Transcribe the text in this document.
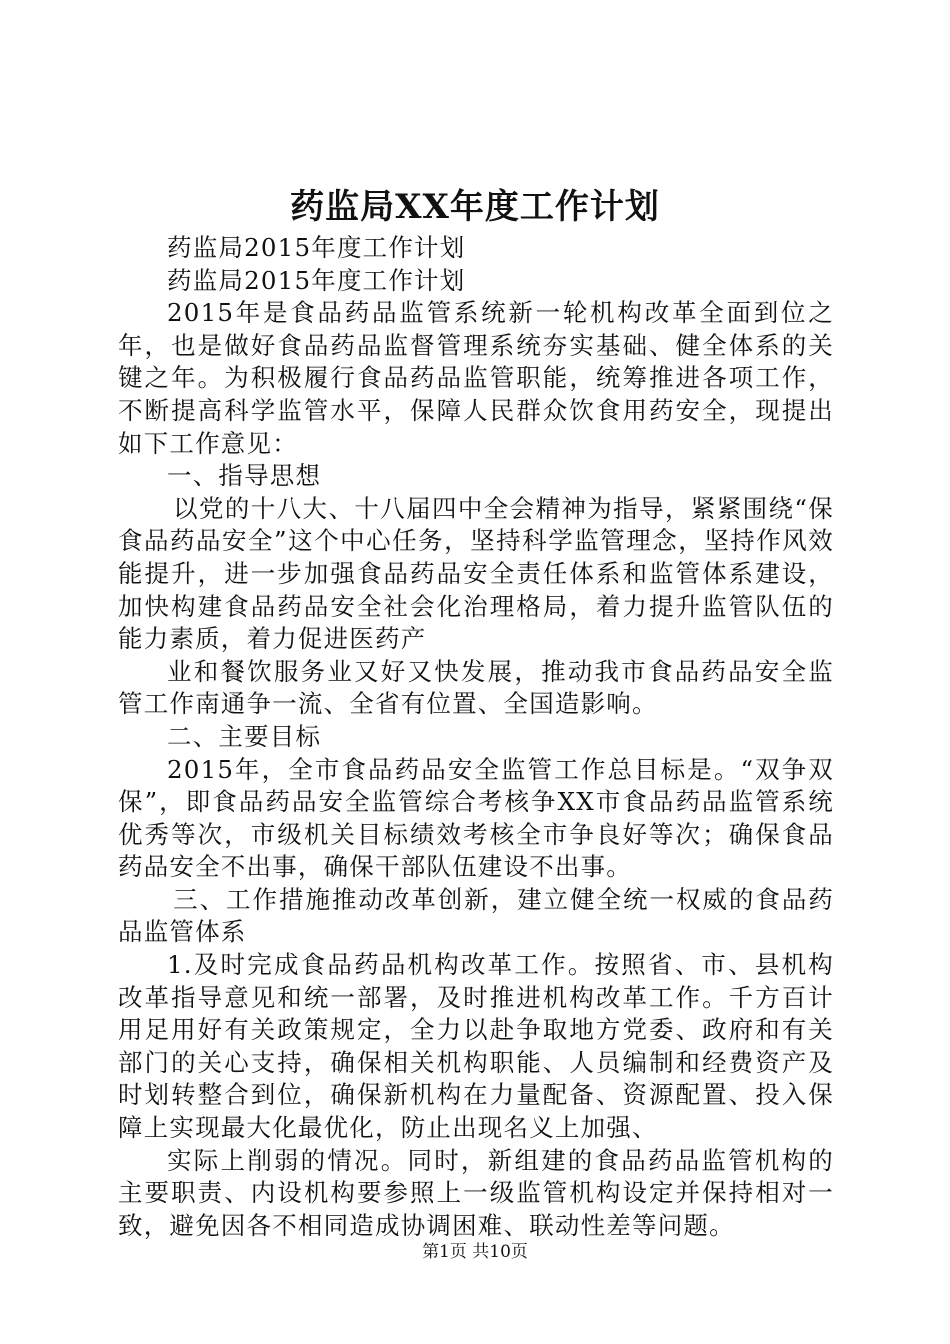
药监局XX年度工作计划

药监局2015年度工作计划

药监局2015年度工作计划

2015年是食品药品监管系统新一轮机构改革全面到位之年，也是做好食品药品监督管理系统夯实基础、健全体系的关键之年。为积极履行食品药品监管职能，统筹推进各项工作，不断提高科学监管水平，保障人民群众饮食用药安全，现提出如下工作意见：

一、指导思想

以党的十八大、十八届四中全会精神为指导，紧紧围绕“保食品药品安全”这个中心任务，坚持科学监管理念，坚持作风效能提升，进一步加强食品药品安全责任体系和监管体系建设，加快构建食品药品安全社会化治理格局，着力提升监管队伍的能力素质，着力促进医药产

业和餐饮服务业又好又快发展，推动我市食品药品安全监管工作南通争一流、全省有位置、全国造影响。

二、主要目标

2015年，全市食品药品安全监管工作总目标是。“双争双保”，即食品药品安全监管综合考核争XX市食品药品监管系统优秀等次，市级机关目标绩效考核全市争良好等次；确保食品药品安全不出事，确保干部队伍建设不出事。

三、工作措施推动改革创新，建立健全统一权威的食品药品监管体系

1.及时完成食品药品机构改革工作。按照省、市、县机构改革指导意见和统一部署，及时推进机构改革工作。千方百计用足用好有关政策规定，全力以赴争取地方党委、政府和有关部门的关心支持，确保相关机构职能、人员编制和经费资产及时划转整合到位，确保新机构在力量配备、资源配置、投入保障上实现最大化最优化，防止出现名义上加强、

实际上削弱的情况。同时，新组建的食品药品监管机构的主要职责、内设机构要参照上一级监管机构设定并保持相对一致，避免因各不相同造成协调困难、联动性差等问题。

第1页 共10页
